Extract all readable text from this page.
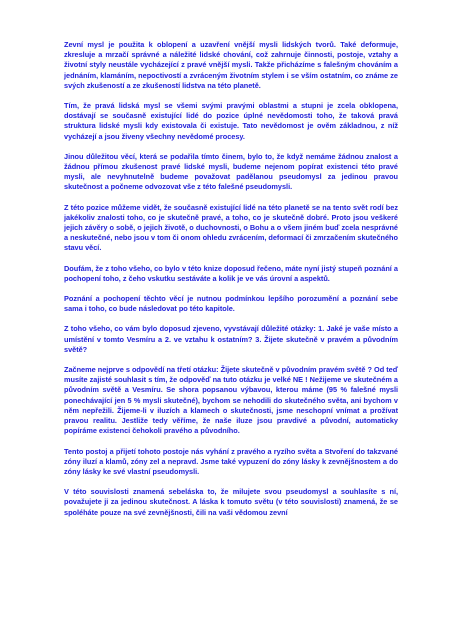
Zevní mysl je použita k oblopení a uzavření vnější mysli lidských tvorů. Také deformuje, zkresluje a mrzačí správné a náležité lidské chování, což zahrnuje činnosti, postoje, vztahy a životní styly neustále vycházející z pravé vnější mysli. Takže přicházíme s falešným chováním a jednáním, klamáním, nepoctivostí a zvráceným životním stylem i se vším ostatním, co známe ze svých zkušeností a ze zkušeností lidstva na této planetě.

Tím, že pravá lidská mysl se všemi svými pravými oblastmi a stupni je zcela obklopena, dostávají se současně existující lidé do pozice úplné nevědomosti toho, že taková pravá struktura lidské mysli kdy existovala či existuje. Tato nevědomost je ověm základnou, z níž vycházejí a jsou živeny všechny nevědomé procesy.

Jinou důležitou věcí, která se podařila tímto činem, bylo to, že když nemáme žádnou znalost a žádnou přímou zkušenost pravé lidské mysli, budeme nejenom popírat existenci této pravé mysli, ale nevyhnutelně budeme považovat padělanou pseudomysl za jedinou pravou skutečnost a počneme odvozovat vše z této falešné pseudomysli.

Z této pozice můžeme vidět, že současně existující lidé na této planetě se na tento svět rodí bez jakékoliv znalosti toho, co je skutečně pravé, a toho, co je skutečně dobré. Proto jsou veškeré jejich závěry o sobě, o jejich životě, o duchovnosti, o Bohu a o všem jiném buď zcela nesprávné a neskutečné, nebo jsou v tom či onom ohledu zvrácením, deformací či zmrzačením skutečného stavu věcí.

Doufám, že z toho všeho, co bylo v této knize doposud řečeno, máte nyní jistý stupeň poznání a pochopení toho, z čeho vskutku sestáváte a kolik je ve vás úrovní a aspektů.

Poznání a pochopení těchto věcí je nutnou podmínkou lepšího porozumění a poznání sebe sama i toho, co bude následovat po této kapitole.

Z toho všeho, co vám bylo doposud zjeveno, vyvstávají důležité otázky: 1. Jaké je vaše místo a umístění v tomto Vesmíru a 2. ve vztahu k ostatním? 3. Žijete skutečně v pravém a původním světě?

Začneme nejprve s odpovědí na třetí otázku: Žijete skutečně v původním pravém světě ? Od teď musíte zajisté souhlasit s tím, že odpověď na tuto otázku je velké NE ! Nežijeme ve skutečném a původním světě a Vesmíru. Se shora popsanou výbavou, kterou máme (95 % falešné mysli ponechávající jen 5 % mysli skutečné), bychom se nehodili do skutečného světa, ani bychom v něm nepřežili. Žijeme-li v iluzích a klamech o skutečnosti, jsme neschopní vnímat a prožívat pravou realitu. Jestliže tedy věříme, že naše iluze jsou pravdivé a původní, automaticky popíráme existenci čehokoli pravého a původního.

Tento postoj a přijetí tohoto postoje nás vyhání z pravého a ryzího světa a Stvoření do takzvané zóny iluzí a klamů, zóny zel a nepravd. Jsme také vypuzení do zóny lásky k zevnějšnostem a do zóny lásky ke své vlastní pseudomysli.

V této souvislosti znamená sebeláska to, že milujete svou pseudomysl a souhlasíte s ní, považujete ji za jedinou skutečnost. A láska k tomuto světu (v této souvislosti) znamená, že se spoléháte pouze na své zevnějšnosti, čili na vaši vědomou zevní
